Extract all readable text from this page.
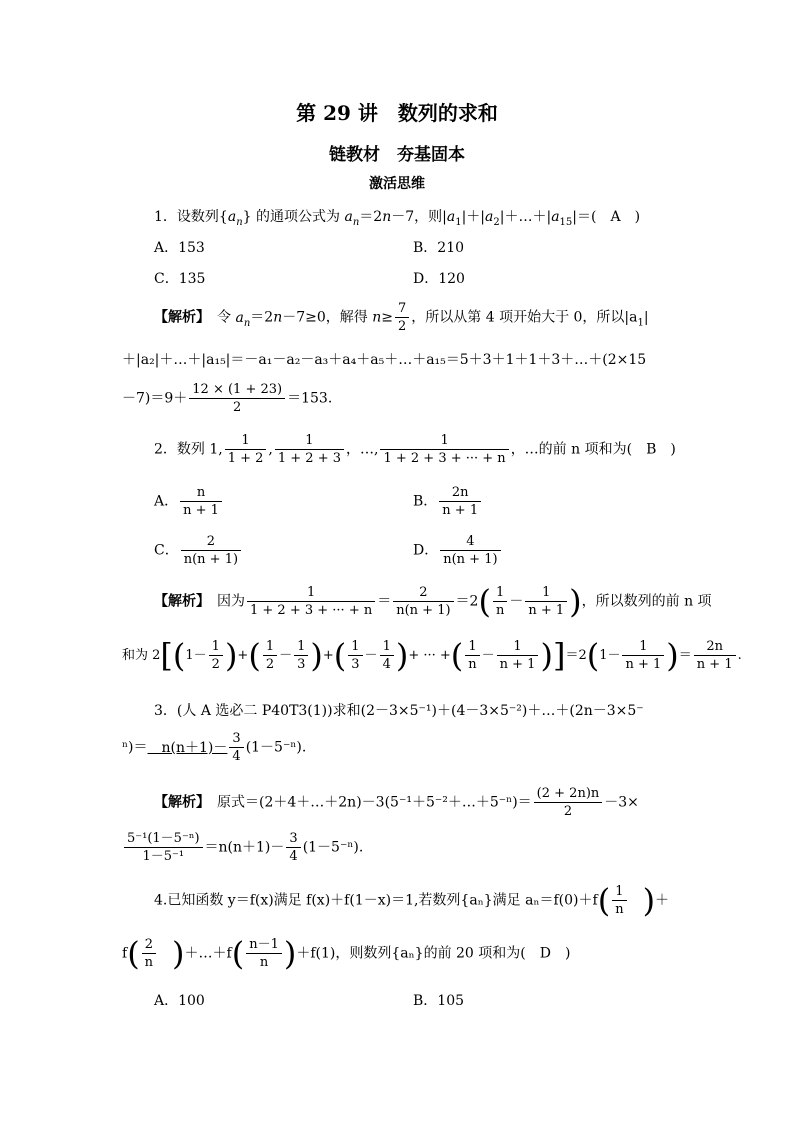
第 29 讲　数列的求和
链教材　夯基固本
激活思维
1．设数列$\{a_n\}$ 的通项公式为 $a_n=2n-7$，则$|a_1|+|a_2|+\dots+|a_{15}|=$(　A　)
A．153	B．210
C．135	D．120
【解析】　 令 $a_n=2n-7\ge 0$，解得 $n\ge \frac{7}{2}$ ，所以从第 4 项开始大于 0，所以$|a_1|$
＋|a₂|＋…＋|a₁₅|＝－a₁－a₂－a₃＋a₄＋a₅＋…＋a₁₅＝5＋3＋1＋1＋3＋…＋(2×15
$-7)=9+ \frac{12 \times (1 + 23)}{2} =153$.
2．数列 1, $\frac{1}{1 + 2}$ , $\frac{1}{1 + 2 + 3}$ ，…, $\frac{1}{1 + 2 + 3 + \cdot\cdot\cdot + n}$ ，…的前 n 项和为(　B　)
A． $\frac{n}{n + 1}$	B． $\frac{2n}{n + 1}$
C． $\frac{2}{n(n + 1)}$	D． $\frac{4}{n(n + 1)}$
【解析】　 因为 $\frac{1}{1 + 2 + 3 + \cdot\cdot\cdot + n} = \frac{2}{n(n + 1)} =2( \frac{1}{n} - \frac{1}{n + 1}$ )，所以数列的前 n 项
和为 $2[(1- \frac{1}{2}$ )+( $\frac{1}{2} - \frac{1}{3}$ )+( $\frac{1}{3} - \frac{1}{4}$ )+ ··· +( $\frac{1}{n} - \frac{1}{n + 1} )]=2(1- \frac{1}{n + 1}$ )＝ $\frac{2n}{n + 1}$ .
3．(人 A 选必二 P40T3(1))求和(2－3×5⁻¹)＋(4－3×5⁻²)＋…＋(2n－3×5⁻
ⁿ)＝　 $n(n+1)- \frac{3}{4} (1-5^{-n})$.
【解析】　 原式＝(2＋4＋…＋2n)－3(5⁻¹＋5⁻²＋…＋5⁻ⁿ)＝ $\frac{(2 + 2n)n}{2} -3\times$
$\frac{\text{5⁻¹(1－5⁻ⁿ)}}{\text{1－5⁻¹}} =n(n+1)- \frac{3}{4} (1-5^{-n})$.
4.已知函数 y＝f(x)满足 f(x)＋f(1－x)＝1,若数列{aₙ}满足 $a_n=f(0)+f( \frac{1}{n}$
　 )＋
$f( \frac{2}{n}$
　 )＋…＋f( $\frac{n-1}{n} )+f(1)$，则数列{aₙ}的前 20 项和为(　D　)
A．100	B．105
